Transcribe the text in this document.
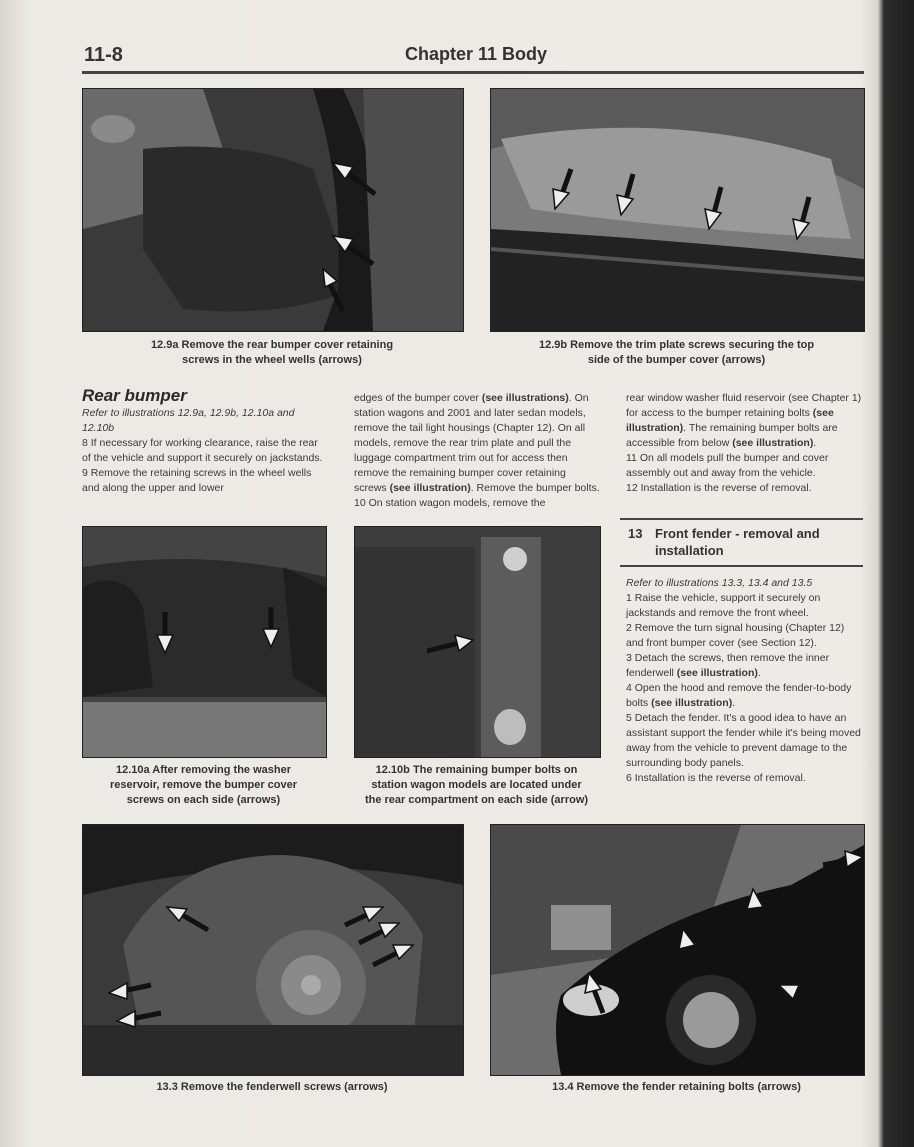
11-8	Chapter 11 Body
12.9a Remove the rear bumper cover retaining
screws in the wheel wells (arrows)
12.9b Remove the trim plate screws securing the top
side of the bumper cover (arrows)
Rear bumper

Refer to illustrations 12.9a, 12.9b, 12.10a and 12.10b

8 If necessary for working clearance, raise the rear of the vehicle and support it securely on jackstands.

9 Remove the retaining screws in the wheel wells and along the upper and lower

edges of the bumper cover (see illustrations). On station wagons and 2001 and later sedan models, remove the tail light housings (Chapter 12). On all models, remove the rear trim plate and pull the luggage compartment trim out for access then remove the remaining bumper cover retaining screws (see illustration). Remove the bumper bolts.

10 On station wagon models, remove the

rear window washer fluid reservoir (see Chapter 1) for access to the bumper retaining bolts (see illustration). The remaining bumper bolts are accessible from below (see illustration).

11 On all models pull the bumper and cover assembly out and away from the vehicle.

12 Installation is the reverse of removal.

13 Front fender - removal and installation

Refer to illustrations 13.3, 13.4 and 13.5

1 Raise the vehicle, support it securely on jackstands and remove the front wheel.

2 Remove the turn signal housing (Chapter 12) and front bumper cover (see Section 12).

3 Detach the screws, then remove the inner fenderwell (see illustration).

4 Open the hood and remove the fender-to-body bolts (see illustration).

5 Detach the fender. It's a good idea to have an assistant support the fender while it's being moved away from the vehicle to prevent damage to the surrounding body panels.

6 Installation is the reverse of removal.

12.10a After removing the washer
reservoir, remove the bumper cover
screws on each side (arrows)
12.10b The remaining bumper bolts on
station wagon models are located under
the rear compartment on each side (arrow)
13.3 Remove the fenderwell screws (arrows)	13.4 Remove the fender retaining bolts (arrows)
